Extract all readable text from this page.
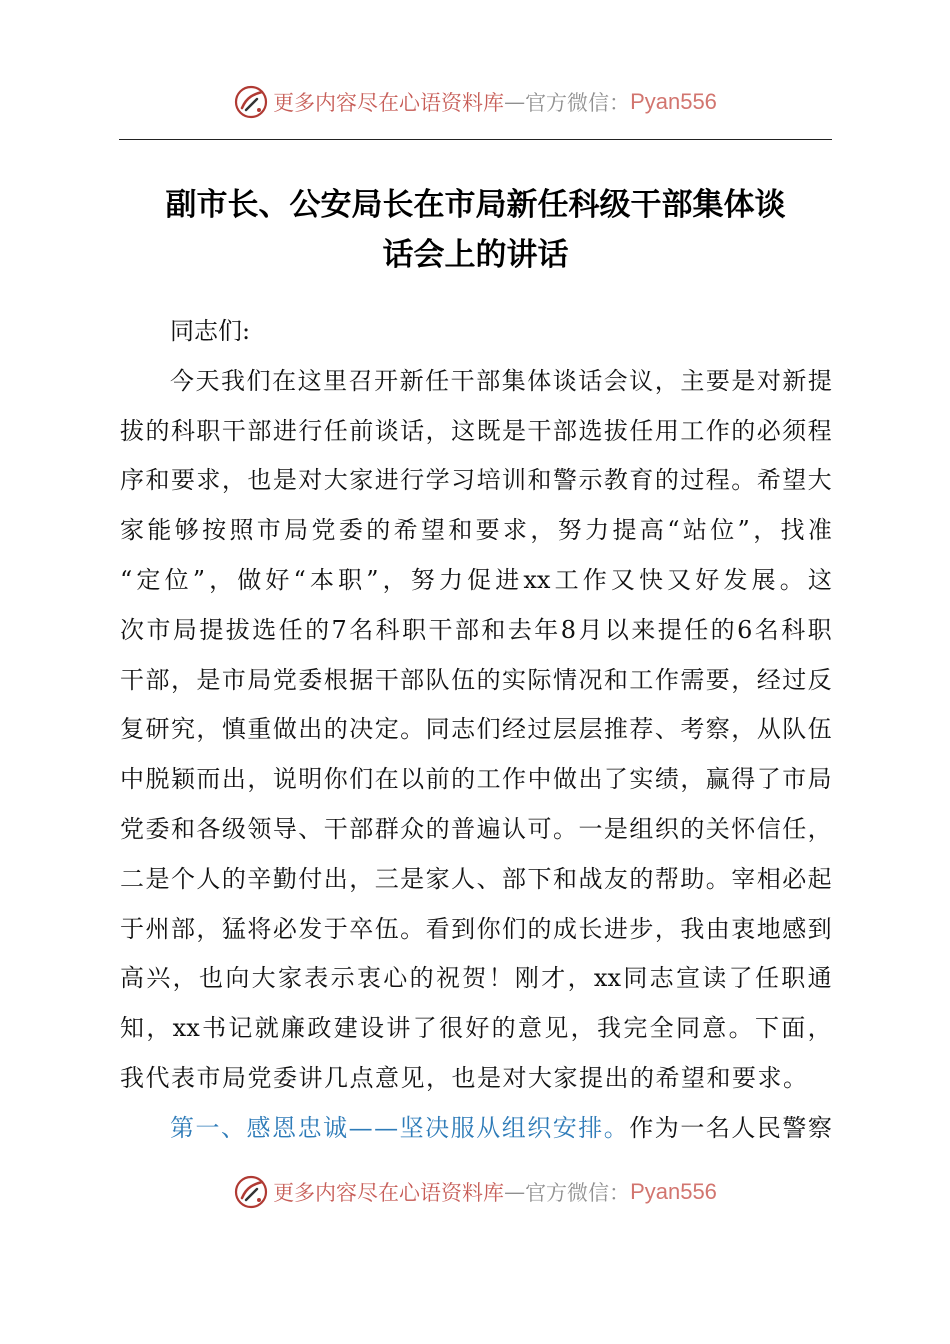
更多内容尽在心语资料库 — 官方微信： Pyan556
副市长、公安局长在市局新任科级干部集体谈
话会上的讲话
同志们:
今 天 我 们 在 这 里 召 开 新 任 干 部 集 体 谈 话 会 议 ， 主 要 是 对 新 提
拔 的 科 职 干 部 进 行 任 前 谈 话 ， 这 既 是 干 部 选 拔 任 用 工 作 的 必 须 程
序 和 要 求 ， 也 是 对 大 家 进 行 学 习 培 训 和 警 示 教 育 的 过 程 。 希 望 大
家 能 够 按 照 市 局 党 委 的 希 望 和 要 求 ， 努 力 提 高 “ 站 位 ” ， 找 准
“ 定 位 ” ， 做 好 “ 本 职 ” ， 努 力 促 进 xx 工 作 又 快 又 好 发 展 。 这
次 市 局 提 拔 选 任 的 7 名 科 职 干 部 和 去 年 8 月 以 来 提 任 的 6 名 科 职
干 部 ， 是 市 局 党 委 根 据 干 部 队 伍 的 实 际 情 况 和 工 作 需 要 ， 经 过 反
复 研 究 ， 慎 重 做 出 的 决 定 。 同 志 们 经 过 层 层 推 荐 、 考 察 ， 从 队 伍
中 脱 颖 而 出 ， 说 明 你 们 在 以 前 的 工 作 中 做 出 了 实 绩 ， 赢 得 了 市 局
党 委 和 各 级 领 导 、 干 部 群 众 的 普 遍 认 可 。 一 是 组 织 的 关 怀 信 任 ，
二 是 个 人 的 辛 勤 付 出 ， 三 是 家 人 、 部 下 和 战 友 的 帮 助 。 宰 相 必 起
于 州 部 ， 猛 将 必 发 于 卒 伍 。 看 到 你 们 的 成 长 进 步 ， 我 由 衷 地 感 到
高 兴 ， 也 向 大 家 表 示 衷 心 的 祝 贺 ！ 刚 才 ， xx 同 志 宣 读 了 任 职 通
知 ， xx 书 记 就 廉 政 建 设 讲 了 很 好 的 意 见 ， 我 完 全 同 意 。 下 面 ，
我代表市局党委讲几点意见，也是对大家提出的希望和要求。
第 一 、 感 恩 忠 诚 — — 坚 决 服 从 组 织 安 排 。 作 为 一 名 人 民 警 察
更多内容尽在心语资料库 — 官方微信： Pyan556
